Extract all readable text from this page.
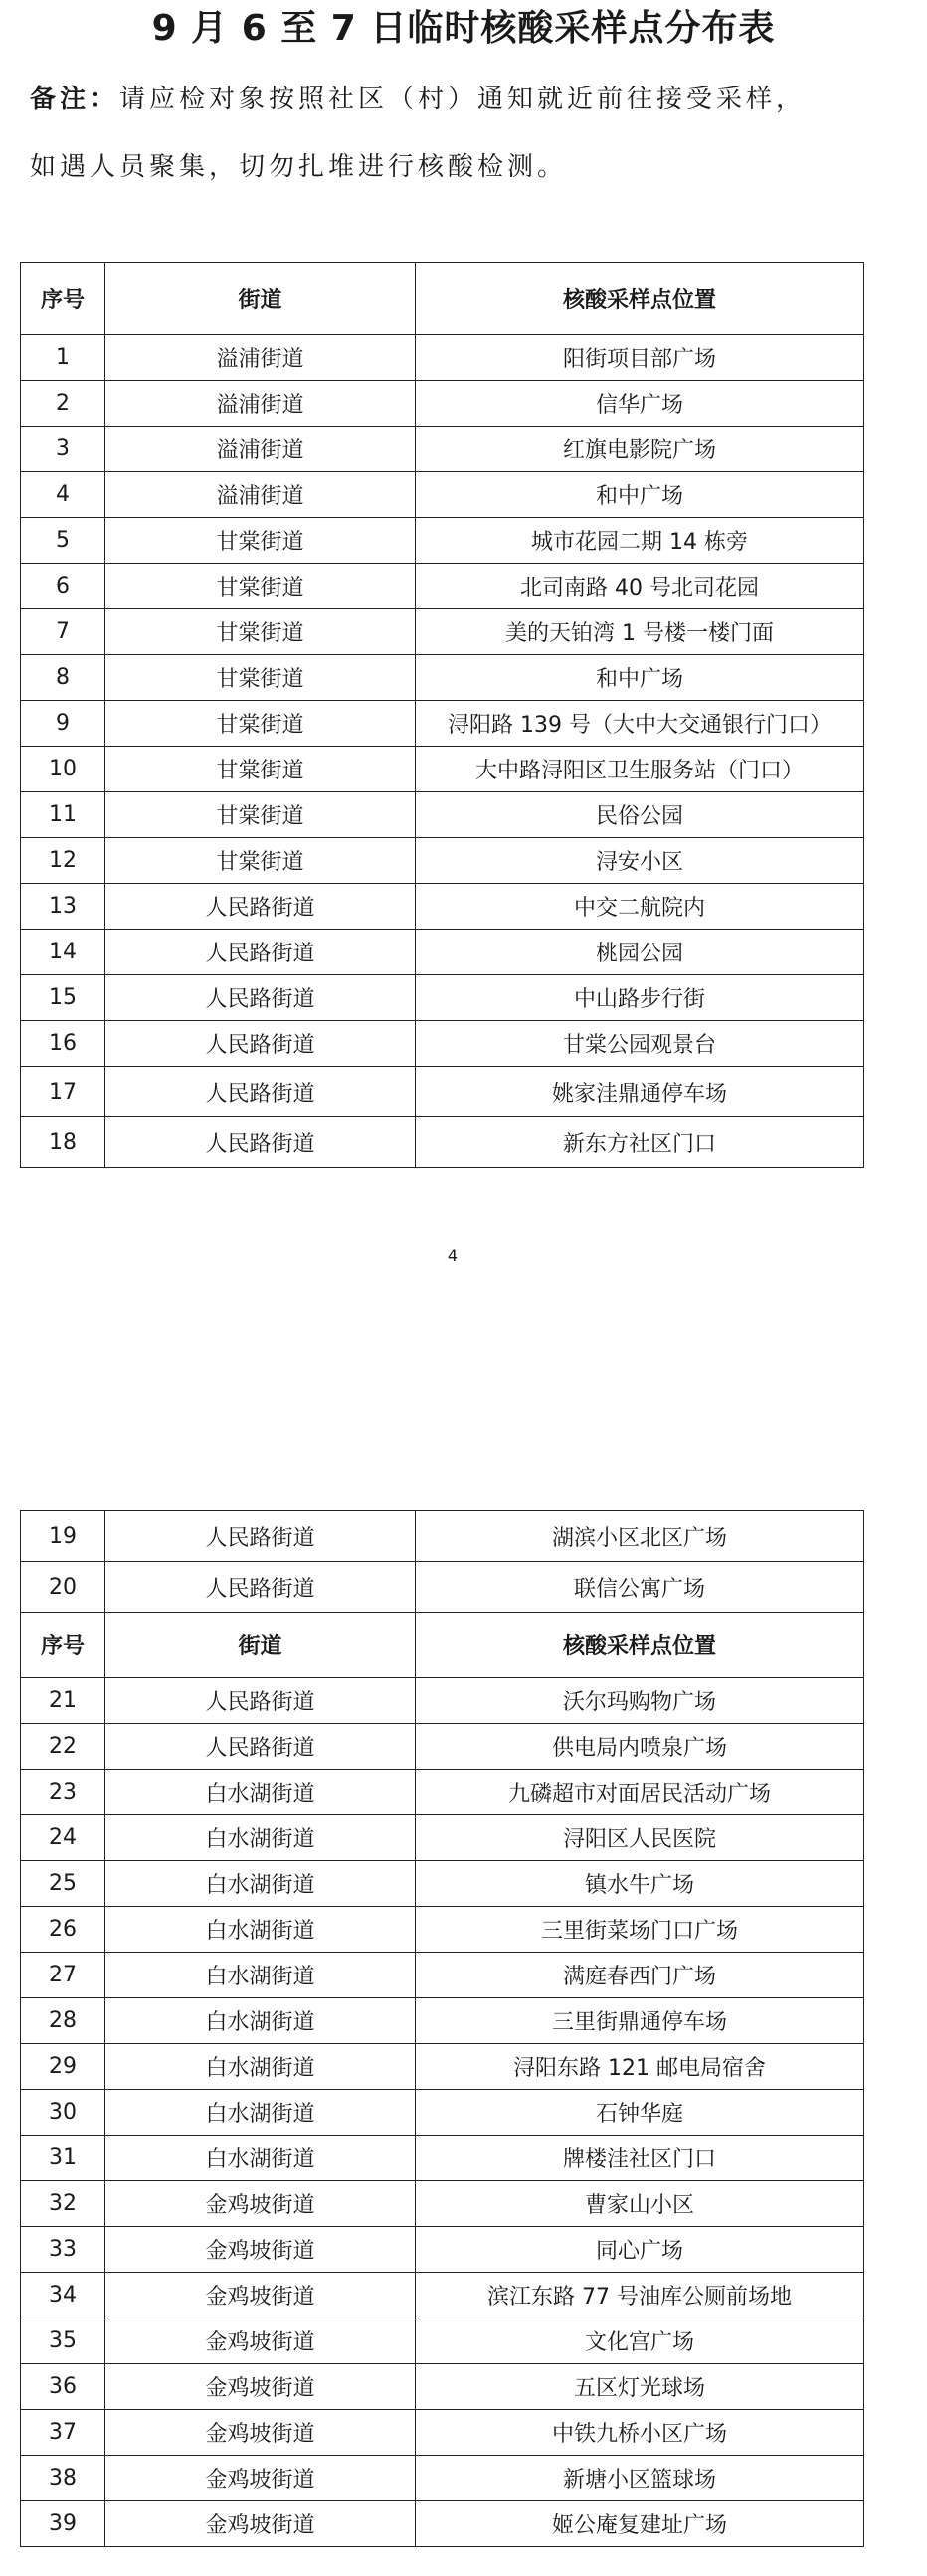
9 月 6 至 7 日临时核酸采样点分布表
备注：请应检对象按照社区（村）通知就近前往接受采样，
如遇人员聚集，切勿扎堆进行核酸检测。
序号	街道	核酸采样点位置
1	溢浦街道	阳街项目部广场
2	溢浦街道	信华广场
3	溢浦街道	红旗电影院广场
4	溢浦街道	和中广场
5	甘棠街道	城市花园二期 14 栋旁
6	甘棠街道	北司南路 40 号北司花园
7	甘棠街道	美的天铂湾 1 号楼一楼门面
8	甘棠街道	和中广场
9	甘棠街道	浔阳路 139 号（大中大交通银行门口）
10	甘棠街道	大中路浔阳区卫生服务站（门口）
11	甘棠街道	民俗公园
12	甘棠街道	浔安小区
13	人民路街道	中交二航院内
14	人民路街道	桃园公园
15	人民路街道	中山路步行街
16	人民路街道	甘棠公园观景台
17	人民路街道	姚家洼鼎通停车场
18	人民路街道	新东方社区门口
4
19	人民路街道	湖滨小区北区广场
20	人民路街道	联信公寓广场
序号	街道	核酸采样点位置
21	人民路街道	沃尔玛购物广场
22	人民路街道	供电局内喷泉广场
23	白水湖街道	九磷超市对面居民活动广场
24	白水湖街道	浔阳区人民医院
25	白水湖街道	镇水牛广场
26	白水湖街道	三里街菜场门口广场
27	白水湖街道	满庭春西门广场
28	白水湖街道	三里街鼎通停车场
29	白水湖街道	浔阳东路 121 邮电局宿舍
30	白水湖街道	石钟华庭
31	白水湖街道	牌楼洼社区门口
32	金鸡坡街道	曹家山小区
33	金鸡坡街道	同心广场
34	金鸡坡街道	滨江东路 77 号油库公厕前场地
35	金鸡坡街道	文化宫广场
36	金鸡坡街道	五区灯光球场
37	金鸡坡街道	中铁九桥小区广场
38	金鸡坡街道	新塘小区篮球场
39	金鸡坡街道	姬公庵复建址广场
